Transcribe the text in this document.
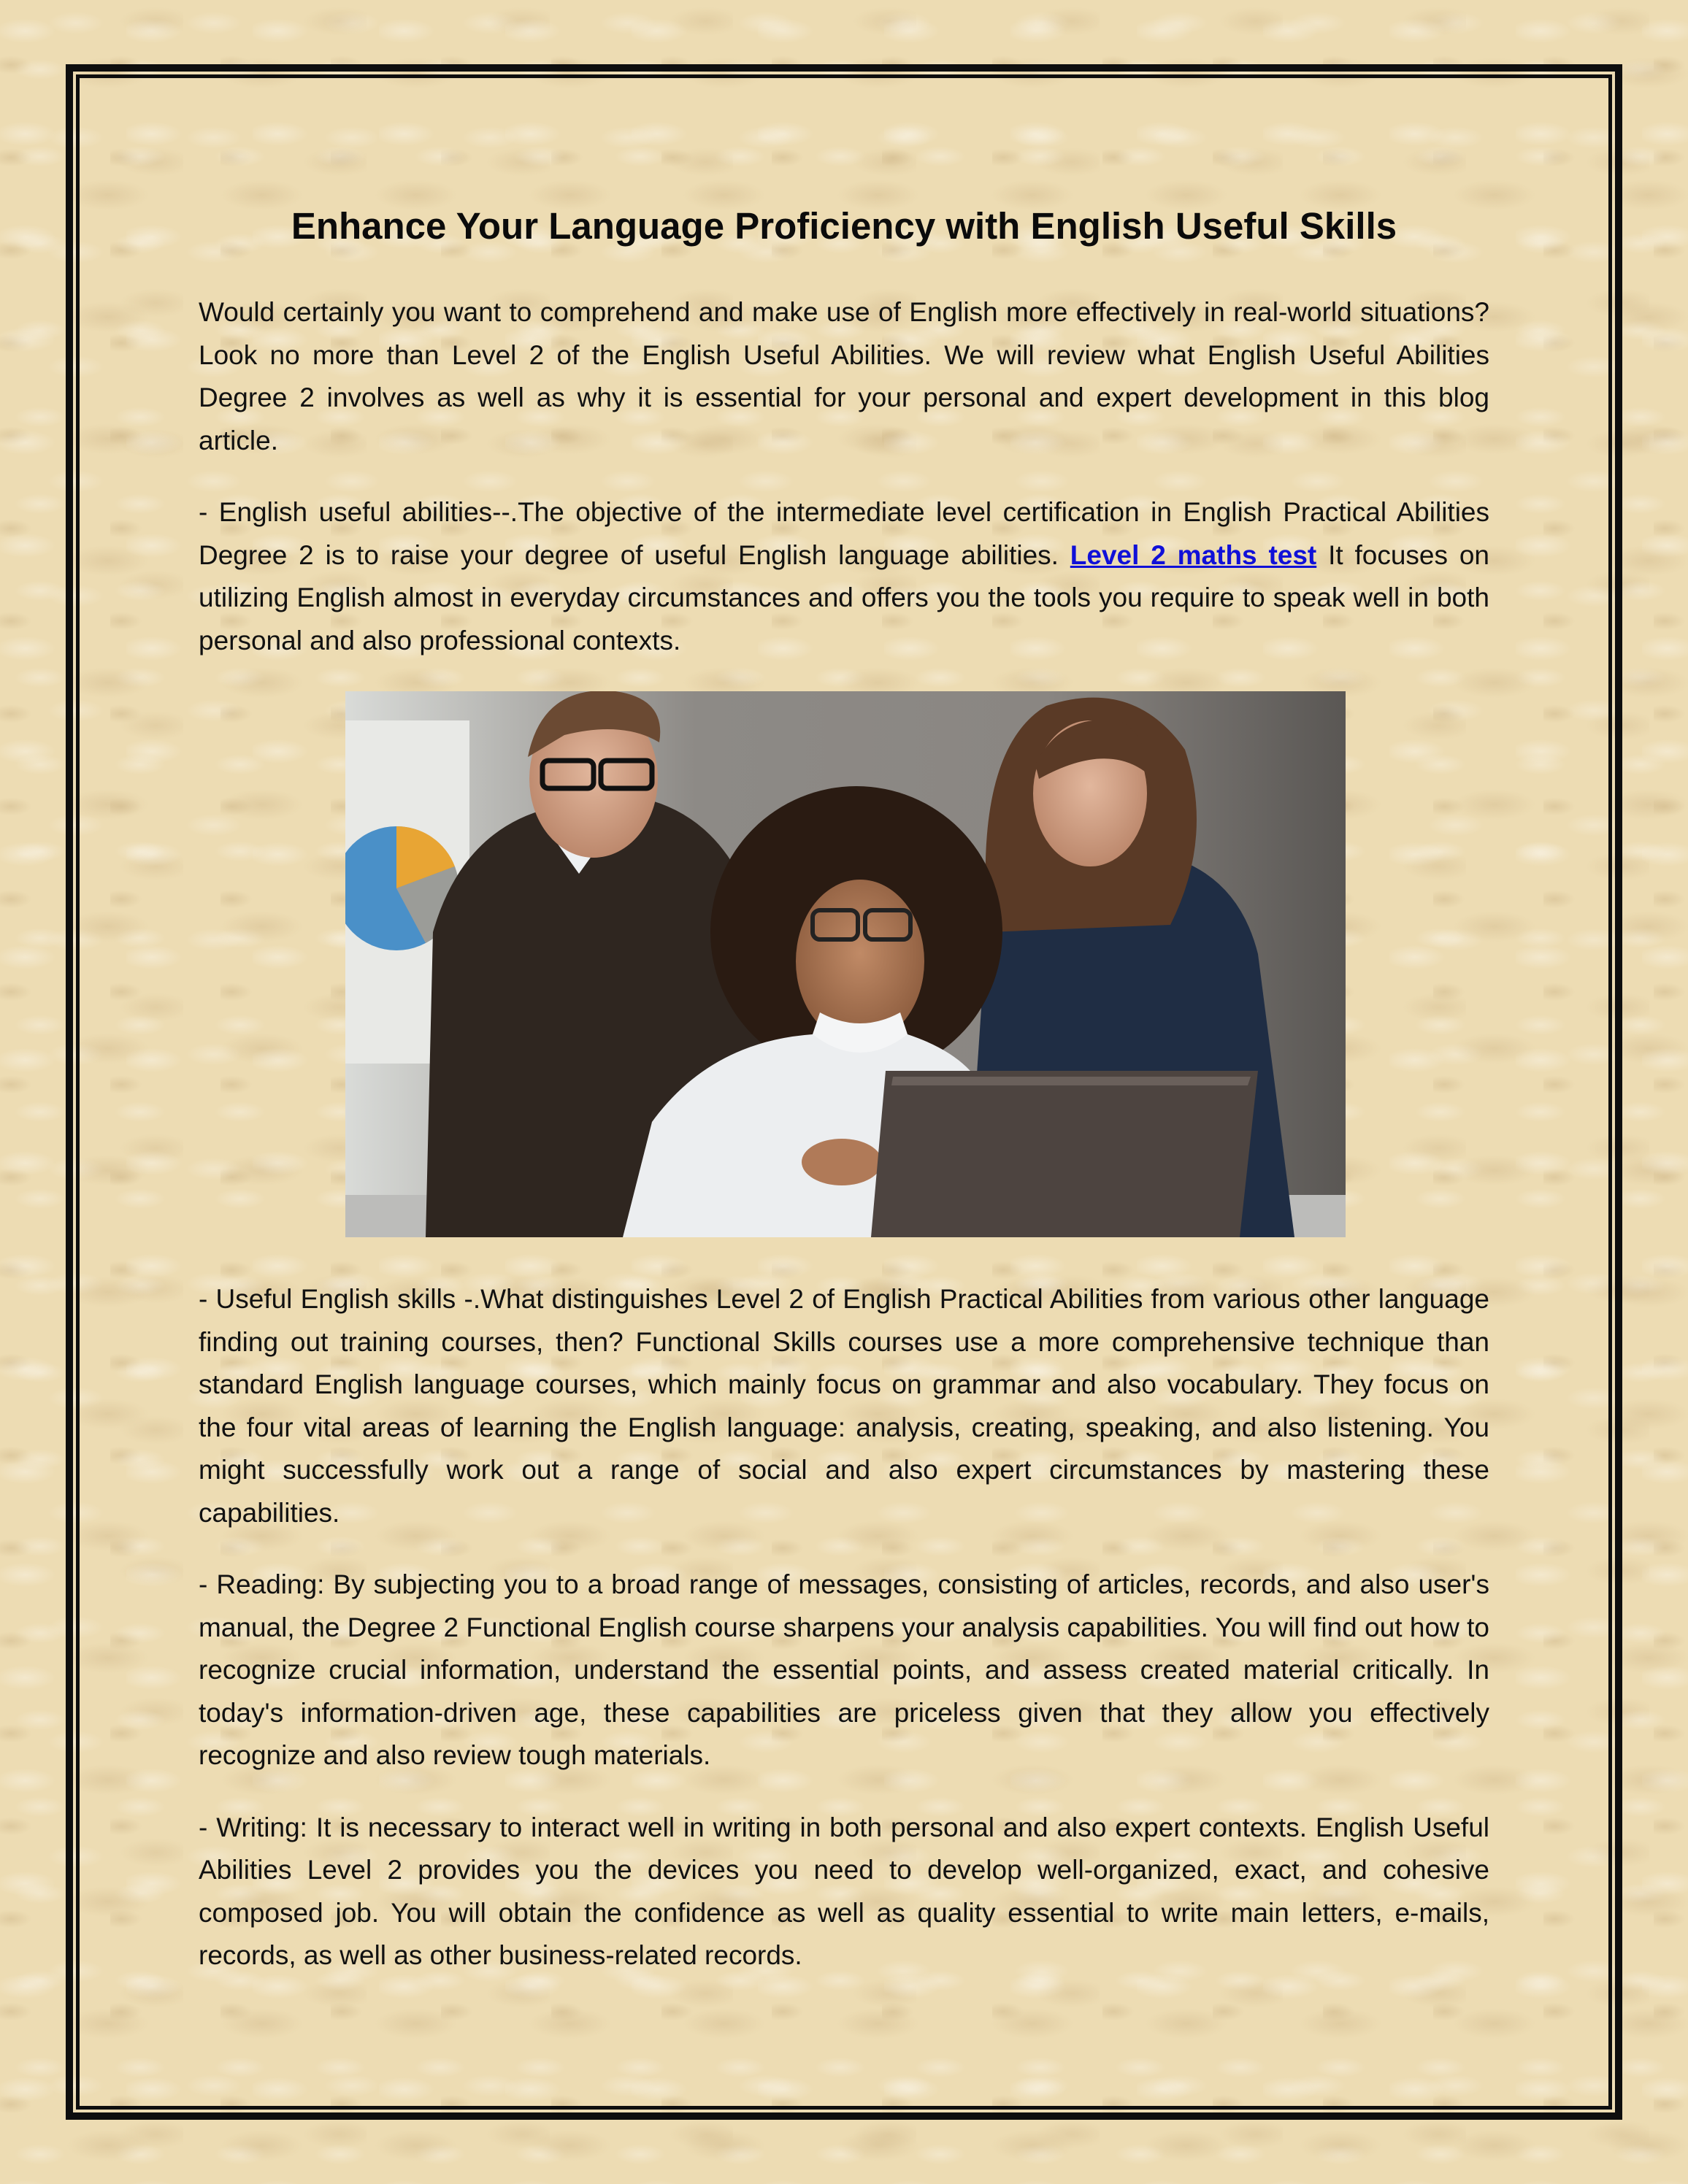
Enhance Your Language Proficiency with English Useful Skills

Would certainly you want to comprehend and make use of English more effectively in real-world situations? Look no more than Level 2 of the English Useful Abilities. We will review what English Useful Abilities Degree 2 involves as well as why it is essential for your personal and expert development in this blog article.

- English useful abilities--.The objective of the intermediate level certification in English Practical Abilities Degree 2 is to raise your degree of useful English language abilities. Level 2 maths test It focuses on utilizing English almost in everyday circumstances and offers you the tools you require to speak well in both personal and also professional contexts.

- Useful English skills -.What distinguishes Level 2 of English Practical Abilities from various other language finding out training courses, then? Functional Skills courses use a more comprehensive technique than standard English language courses, which mainly focus on grammar and also vocabulary. They focus on the four vital areas of learning the English language: analysis, creating, speaking, and also listening. You might successfully work out a range of social and also expert circumstances by mastering these capabilities.

- Reading: By subjecting you to a broad range of messages, consisting of articles, records, and also user's manual, the Degree 2 Functional English course sharpens your analysis capabilities. You will find out how to recognize crucial information, understand the essential points, and assess created material critically. In today's information-driven age, these capabilities are priceless given that they allow you effectively recognize and also review tough materials.

- Writing: It is necessary to interact well in writing in both personal and also expert contexts. English Useful Abilities Level 2 provides you the devices you need to develop well-organized, exact, and cohesive composed job. You will obtain the confidence as well as quality essential to write main letters, e-mails, records, as well as other business-related records.
